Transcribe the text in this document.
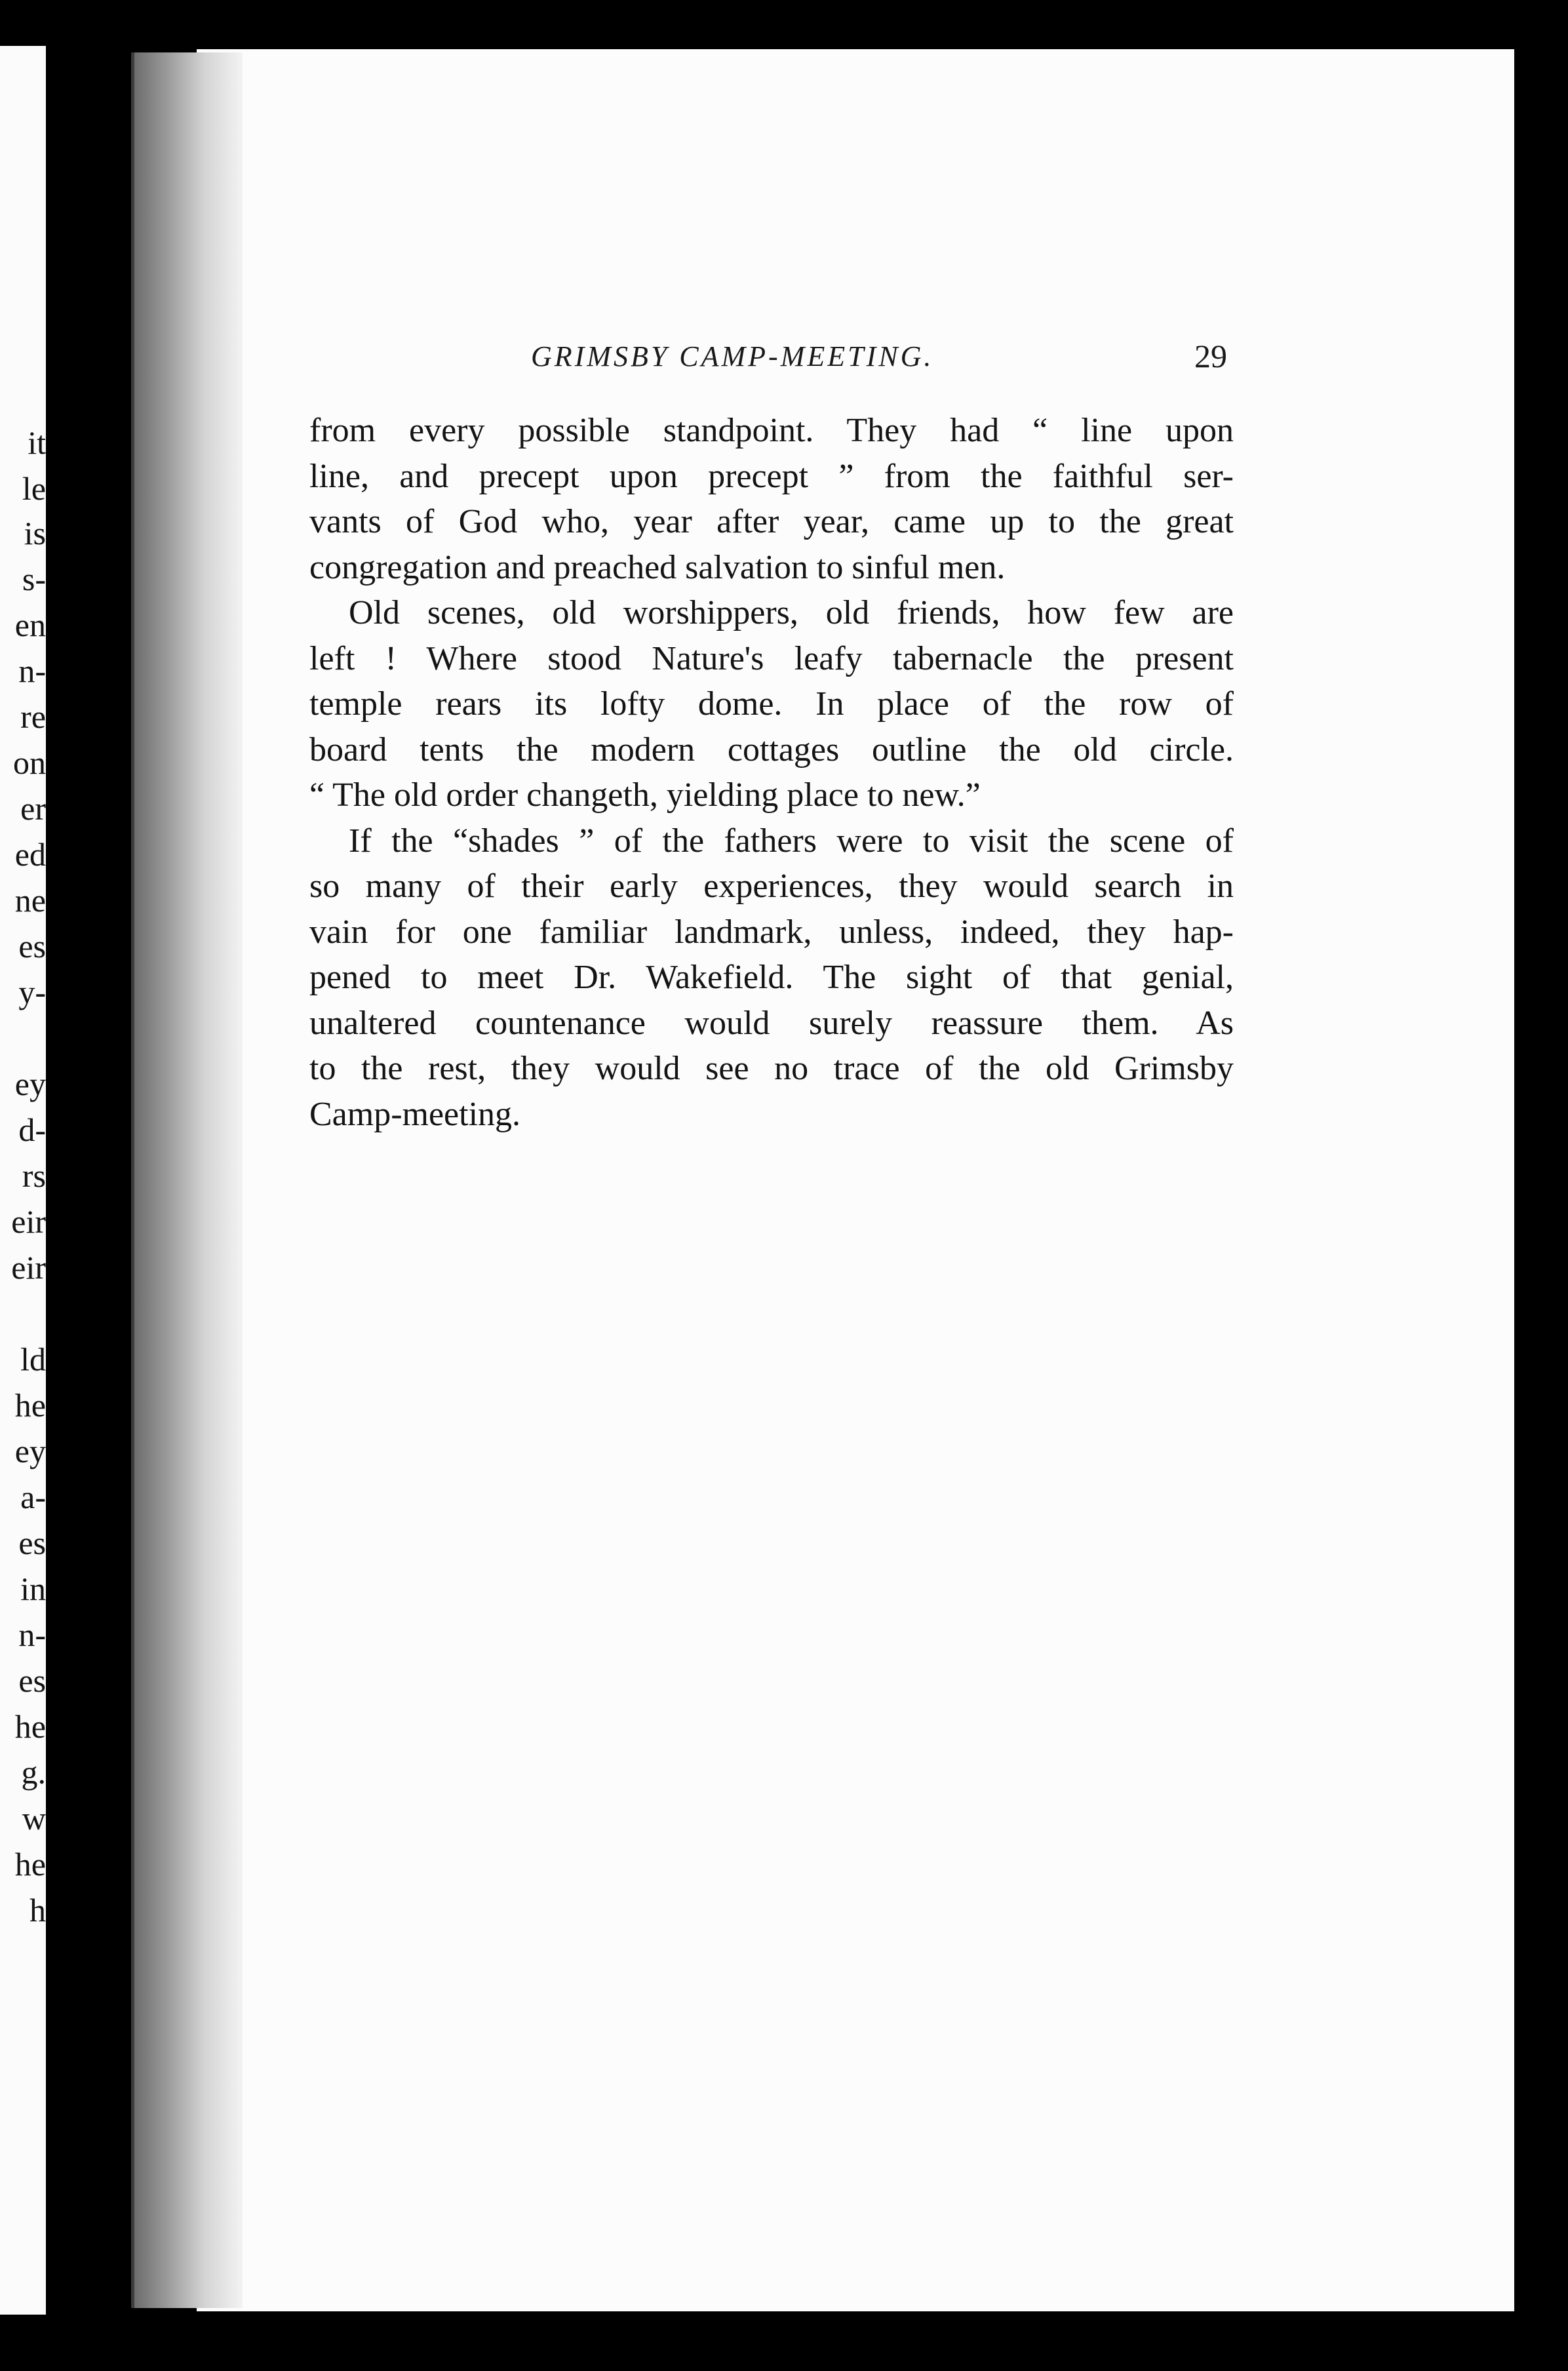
it
le
is
s-
en
n-
re
on
er
ed
ne
es
y-
ey
d-
rs
eir
eir
ld
he
ey
a-
es
in
n-
es
he
g.
w
he
h
GRIMSBY CAMP-MEETING.	29
from every possible standpoint. They had “ line upon
line, and precept upon precept ” from the faithful ser-
vants of God who, year after year, came up to the great
congregation and preached salvation to sinful men.
Old scenes, old worshippers, old friends, how few are
left ! Where stood Nature's leafy tabernacle the present
temple rears its lofty dome. In place of the row of
board tents the modern cottages outline the old circle.
“ The old order changeth, yielding place to new.”
If the “shades ” of the fathers were to visit the scene of
so many of their early experiences, they would search in
vain for one familiar landmark, unless, indeed, they hap-
pened to meet Dr. Wakefield. The sight of that genial,
unaltered countenance would surely reassure them. As
to the rest, they would see no trace of the old Grimsby
Camp-meeting.
